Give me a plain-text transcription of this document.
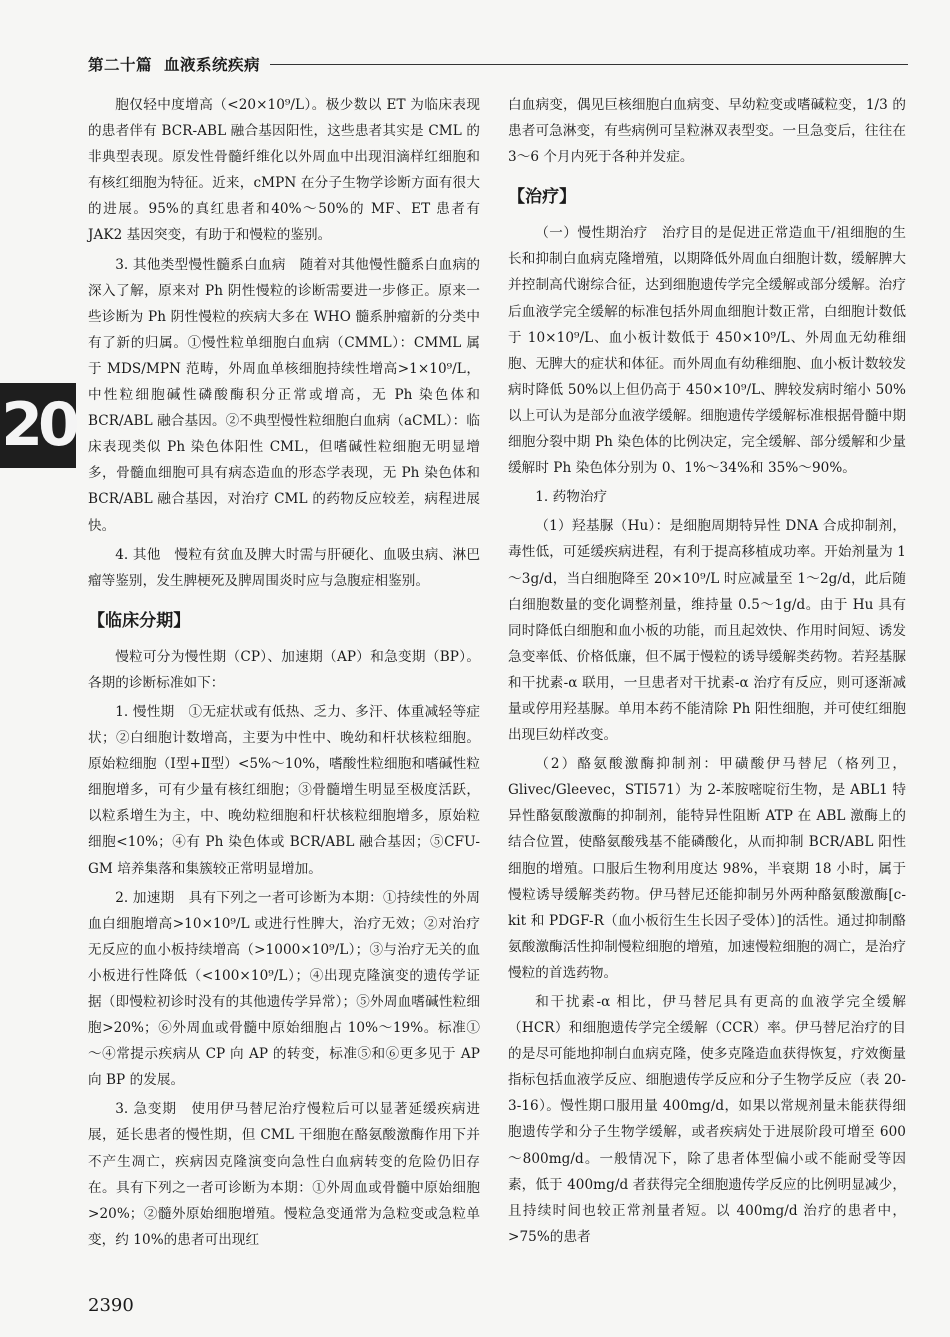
第二十篇 血液系统疾病
20

胞仅轻中度增高（<20×10⁹/L）。极少数以 ET 为临床表现的患者伴有 BCR-ABL 融合基因阳性，这些患者其实是 CML 的非典型表现。原发性骨髓纤维化以外周血中出现泪滴样红细胞和有核红细胞为特征。近来，cMPN 在分子生物学诊断方面有很大的进展。95%的真红患者和40%～50%的 MF、ET 患者有 JAK2 基因突变，有助于和慢粒的鉴别。

3. 其他类型慢性髓系白血病　随着对其他慢性髓系白血病的深入了解，原来对 Ph 阴性慢粒的诊断需要进一步修正。原来一些诊断为 Ph 阴性慢粒的疾病大多在 WHO 髓系肿瘤新的分类中有了新的归属。①慢性粒单细胞白血病（CMML）：CMML 属于 MDS/MPN 范畴，外周血单核细胞持续性增高>1×10⁹/L，中性粒细胞碱性磷酸酶积分正常或增高，无 Ph 染色体和 BCR/ABL 融合基因。②不典型慢性粒细胞白血病（aCML）：临床表现类似 Ph 染色体阳性 CML，但嗜碱性粒细胞无明显增多，骨髓血细胞可具有病态造血的形态学表现，无 Ph 染色体和 BCR/ABL 融合基因，对治疗 CML 的药物反应较差，病程进展快。

4. 其他　慢粒有贫血及脾大时需与肝硬化、血吸虫病、淋巴瘤等鉴别，发生脾梗死及脾周围炎时应与急腹症相鉴别。

【临床分期】

慢粒可分为慢性期（CP）、加速期（AP）和急变期（BP）。各期的诊断标准如下：

1. 慢性期　①无症状或有低热、乏力、多汗、体重减轻等症状；②白细胞计数增高，主要为中性中、晚幼和杆状核粒细胞。原始粒细胞（Ⅰ型+Ⅱ型）<5%～10%，嗜酸性粒细胞和嗜碱性粒细胞增多，可有少量有核红细胞；③骨髓增生明显至极度活跃，以粒系增生为主，中、晚幼粒细胞和杆状核粒细胞增多，原始粒细胞<10%；④有 Ph 染色体或 BCR/ABL 融合基因；⑤CFU-GM 培养集落和集簇较正常明显增加。

2. 加速期　具有下列之一者可诊断为本期：①持续性的外周血白细胞增高>10×10⁹/L 或进行性脾大，治疗无效；②对治疗无反应的血小板持续增高（>1000×10⁹/L）；③与治疗无关的血小板进行性降低（<100×10⁹/L）；④出现克隆演变的遗传学证据（即慢粒初诊时没有的其他遗传学异常）；⑤外周血嗜碱性粒细胞>20%；⑥外周血或骨髓中原始细胞占 10%～19%。标准①～④常提示疾病从 CP 向 AP 的转变，标准⑤和⑥更多见于 AP 向 BP 的发展。

3. 急变期　使用伊马替尼治疗慢粒后可以显著延缓疾病进展，延长患者的慢性期，但 CML 干细胞在酪氨酸激酶作用下并不产生凋亡，疾病因克隆演变向急性白血病转变的危险仍旧存在。具有下列之一者可诊断为本期：①外周血或骨髓中原始细胞>20%；②髓外原始细胞增殖。慢粒急变通常为急粒变或急粒单变，约 10%的患者可出现红

白血病变，偶见巨核细胞白血病变、早幼粒变或嗜碱粒变，1/3 的患者可急淋变，有些病例可呈粒淋双表型变。一旦急变后，往往在 3～6 个月内死于各种并发症。

【治疗】

（一）慢性期治疗　治疗目的是促进正常造血干/祖细胞的生长和抑制白血病克隆增殖，以期降低外周血白细胞计数，缓解脾大并控制高代谢综合征，达到细胞遗传学完全缓解或部分缓解。治疗后血液学完全缓解的标准包括外周血细胞计数正常，白细胞计数低于 10×10⁹/L、血小板计数低于 450×10⁹/L、外周血无幼稚细胞、无脾大的症状和体征。而外周血有幼稚细胞、血小板计数较发病时降低 50%以上但仍高于 450×10⁹/L、脾较发病时缩小 50%以上可认为是部分血液学缓解。细胞遗传学缓解标准根据骨髓中期细胞分裂中期 Ph 染色体的比例决定，完全缓解、部分缓解和少量缓解时 Ph 染色体分别为 0、1%～34%和 35%～90%。

1. 药物治疗

（1）羟基脲（Hu）：是细胞周期特异性 DNA 合成抑制剂，毒性低，可延缓疾病进程，有利于提高移植成功率。开始剂量为 1～3g/d，当白细胞降至 20×10⁹/L 时应减量至 1～2g/d，此后随白细胞数量的变化调整剂量，维持量 0.5～1g/d。由于 Hu 具有同时降低白细胞和血小板的功能，而且起效快、作用时间短、诱发急变率低、价格低廉，但不属于慢粒的诱导缓解类药物。若羟基脲和干扰素-α 联用，一旦患者对干扰素-α 治疗有反应，则可逐渐减量或停用羟基脲。单用本药不能清除 Ph 阳性细胞，并可使红细胞出现巨幼样改变。

（2）酪氨酸激酶抑制剂：甲磺酸伊马替尼（格列卫，Glivec/Gleevec，STI571）为 2-苯胺嘧啶衍生物，是 ABL1 特异性酪氨酸激酶的抑制剂，能特异性阻断 ATP 在 ABL 激酶上的结合位置，使酪氨酸残基不能磷酸化，从而抑制 BCR/ABL 阳性细胞的增殖。口服后生物利用度达 98%，半衰期 18 小时，属于慢粒诱导缓解类药物。伊马替尼还能抑制另外两种酪氨酸激酶[c-kit 和 PDGF-R（血小板衍生生长因子受体）]的活性。通过抑制酪氨酸激酶活性抑制慢粒细胞的增殖，加速慢粒细胞的凋亡，是治疗慢粒的首选药物。

和干扰素-α 相比，伊马替尼具有更高的血液学完全缓解（HCR）和细胞遗传学完全缓解（CCR）率。伊马替尼治疗的目的是尽可能地抑制白血病克隆，使多克隆造血获得恢复，疗效衡量指标包括血液学反应、细胞遗传学反应和分子生物学反应（表 20-3-16）。慢性期口服用量 400mg/d，如果以常规剂量未能获得细胞遗传学和分子生物学缓解，或者疾病处于进展阶段可增至 600～800mg/d。一般情况下，除了患者体型偏小或不能耐受等因素，低于 400mg/d 者获得完全细胞遗传学反应的比例明显减少，且持续时间也较正常剂量者短。以 400mg/d 治疗的患者中，>75%的患者

2390
